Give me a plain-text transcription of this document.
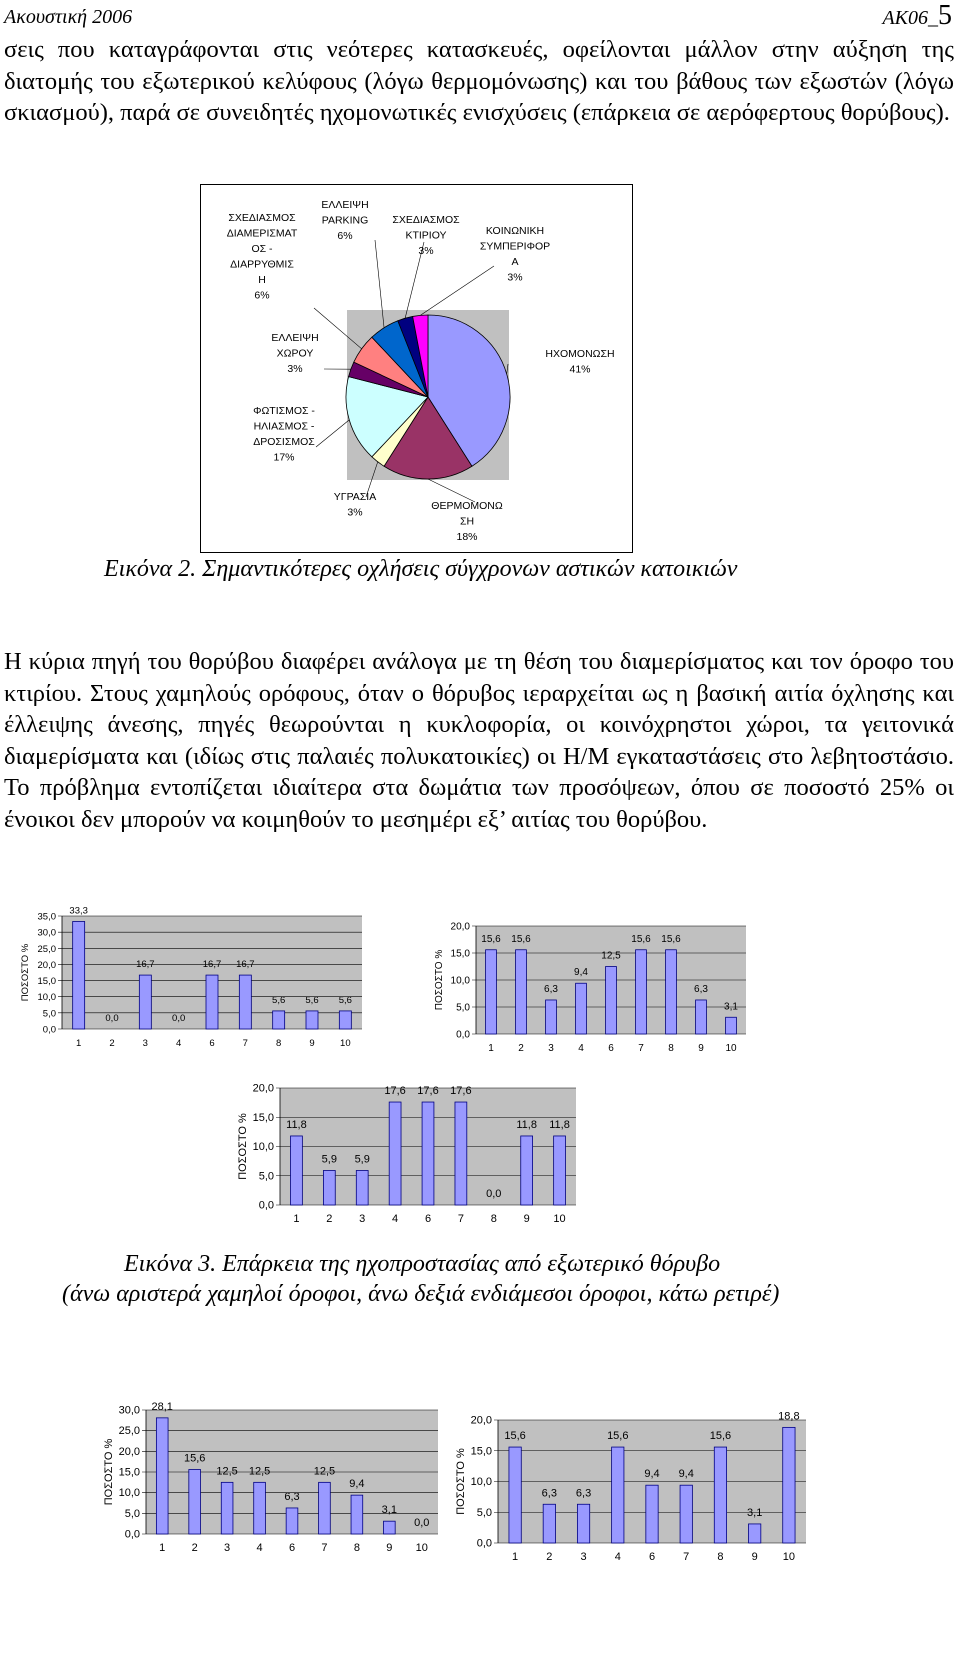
Ακουστική 2006	ΑΚ06_5

σεις που καταγράφονται στις νεότερες κατασκευές, οφείλονται μάλλον στην αύξηση της διατομής του εξωτερικού κελύφους (λόγω θερμομόνωσης) και του βάθους των εξωστών (λόγω σκιασμού), παρά σε συνειδητές ηχομονωτικές ενισχύσεις (επάρκεια σε αερόφερτους θορύβους).

ΗΧΟΜΟΝΩΣΗ 41%
ΘΕΡΜΟΜΟΝΩ ΣΗ 18%
ΥΓΡΑΣΙΑ 3%
ΦΩΤΙΣΜΟΣ -ΗΛΙΑΣΜΟΣ -ΔΡΟΣΙΣΜΟΣ 17%
ΕΛΛΕΙΨΗ ΧΩΡΟΥ 3%
ΣΧΕΔΙΑΣΜΟΣ ΔΙΑΜΕΡΙΣΜΑΤ ΟΣ -ΔΙΑΡΡΥΘΜΙΣ Η 6%
ΕΛΛΕΙΨΗ PARKING 6%
ΣΧΕΔΙΑΣΜΟΣ ΚΤΙΡΙΟΥ 3%
ΚΟΙΝΩΝΙΚΗ ΣΥΜΠΕΡΙΦΟΡ Α 3%
Εικόνα 2. Σημαντικότερες οχλήσεις σύγχρονων αστικών κατοικιών

Η κύρια πηγή του θορύβου διαφέρει ανάλογα με τη θέση του διαμερίσματος και τον όροφο του κτιρίου. Στους χαμηλούς ορόφους, όταν ο θόρυβος ιεραρχείται ως η βασική αιτία όχλησης και έλλειψης άνεσης, πηγές θεωρούνται η κυκλοφορία, οι κοινόχρηστοι χώροι, τα γειτονικά διαμερίσματα και (ιδίως στις παλαιές πολυκατοικίες) οι Η/Μ εγκαταστάσεις στο λεβητοστάσιο. Το πρόβλημα εντοπίζεται ιδιαίτερα στα δωμάτια των προσόψεων, όπου σε ποσοστό 25% οι ένοικοι δεν μπορούν να κοιμηθούν το μεσημέρι εξ’ αιτίας του θορύβου.

0,0
5,0
10,0
15,0
20,0
25,0
30,0
35,0
ΠΟΣΟΣΤΟ %
33,3
1
0,0
2
16,7
3
0,0
4
16,7
6
16,7
7
5,6
8
5,6
9
5,6
10
0,0
5,0
10,0
15,0
20,0
ΠΟΣΟΣΤΟ %
15,6
1
15,6
2
6,3
3
9,4
4
12,5
6
15,6
7
15,6
8
6,3
9
3,1
10
0,0
5,0
10,0
15,0
20,0
ΠΟΣΟΣΤΟ %	11,8
1
5,9
2
5,9
3
17,6
4
17,6
6
17,6
7
0,0
8
11,8
9
11,8
10
Εικόνα 3. Επάρκεια της ηχοπροστασίας από εξωτερικό θόρυβο
(άνω αριστερά χαμηλοί όροφοι, άνω δεξιά ενδιάμεσοι όροφοι, κάτω ρετιρέ)
0,0
5,0
10,0
15,0
20,0
25,0
30,0
ΠΟΣΟΣΤΟ %
28,1
1
15,6
2
12,5
3
12,5
4
6,3
6
12,5
7
9,4
8
3,1
9
0,0
10	0,0
5,0
10,0
15,0
20,0
ΠΟΣΟΣΤΟ %
15,6
1
6,3
2
6,3
3
15,6
4
9,4
6
9,4
7
15,6
8
3,1
9
18,8
10
